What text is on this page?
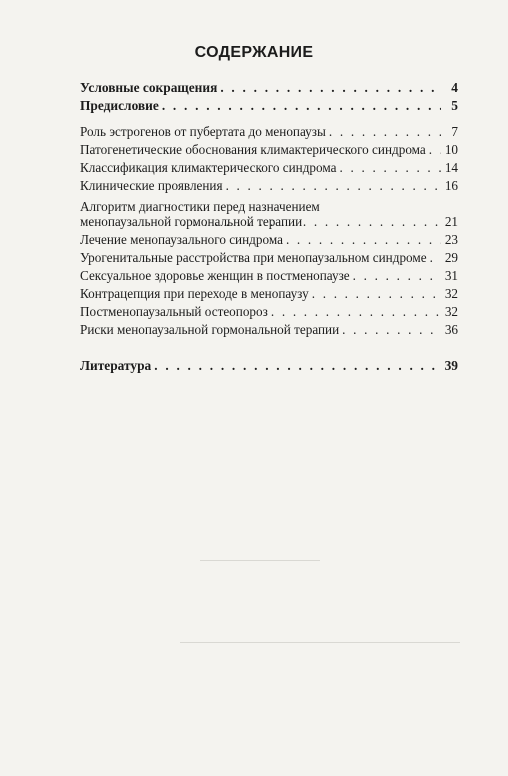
СОДЕРЖАНИЕ
Условные сокращения . . .	4
Предисловие . . .	5
Роль эстрогенов от пубертата до менопаузы . . .	7
Патогенетические обоснования климактерического синдрома . . . 10
Классификация климактерического синдрома . . .	14
Клинические проявления . . .	16
Алгоритм диагностики перед назначением менопаузальной гормональной терапии . . .	21
Лечение менопаузального синдрома . . .	23
Урогенитальные расстройства при менопаузальном синдроме . . . 29
Сексуальное здоровье женщин в постменопаузе . . .	31
Контрацепция при переходе в менопаузу . . .	32
Постменопаузальный остеопороз . . .	32
Риски менопаузальной гормональной терапии . . .	36
Литература . . .	39
